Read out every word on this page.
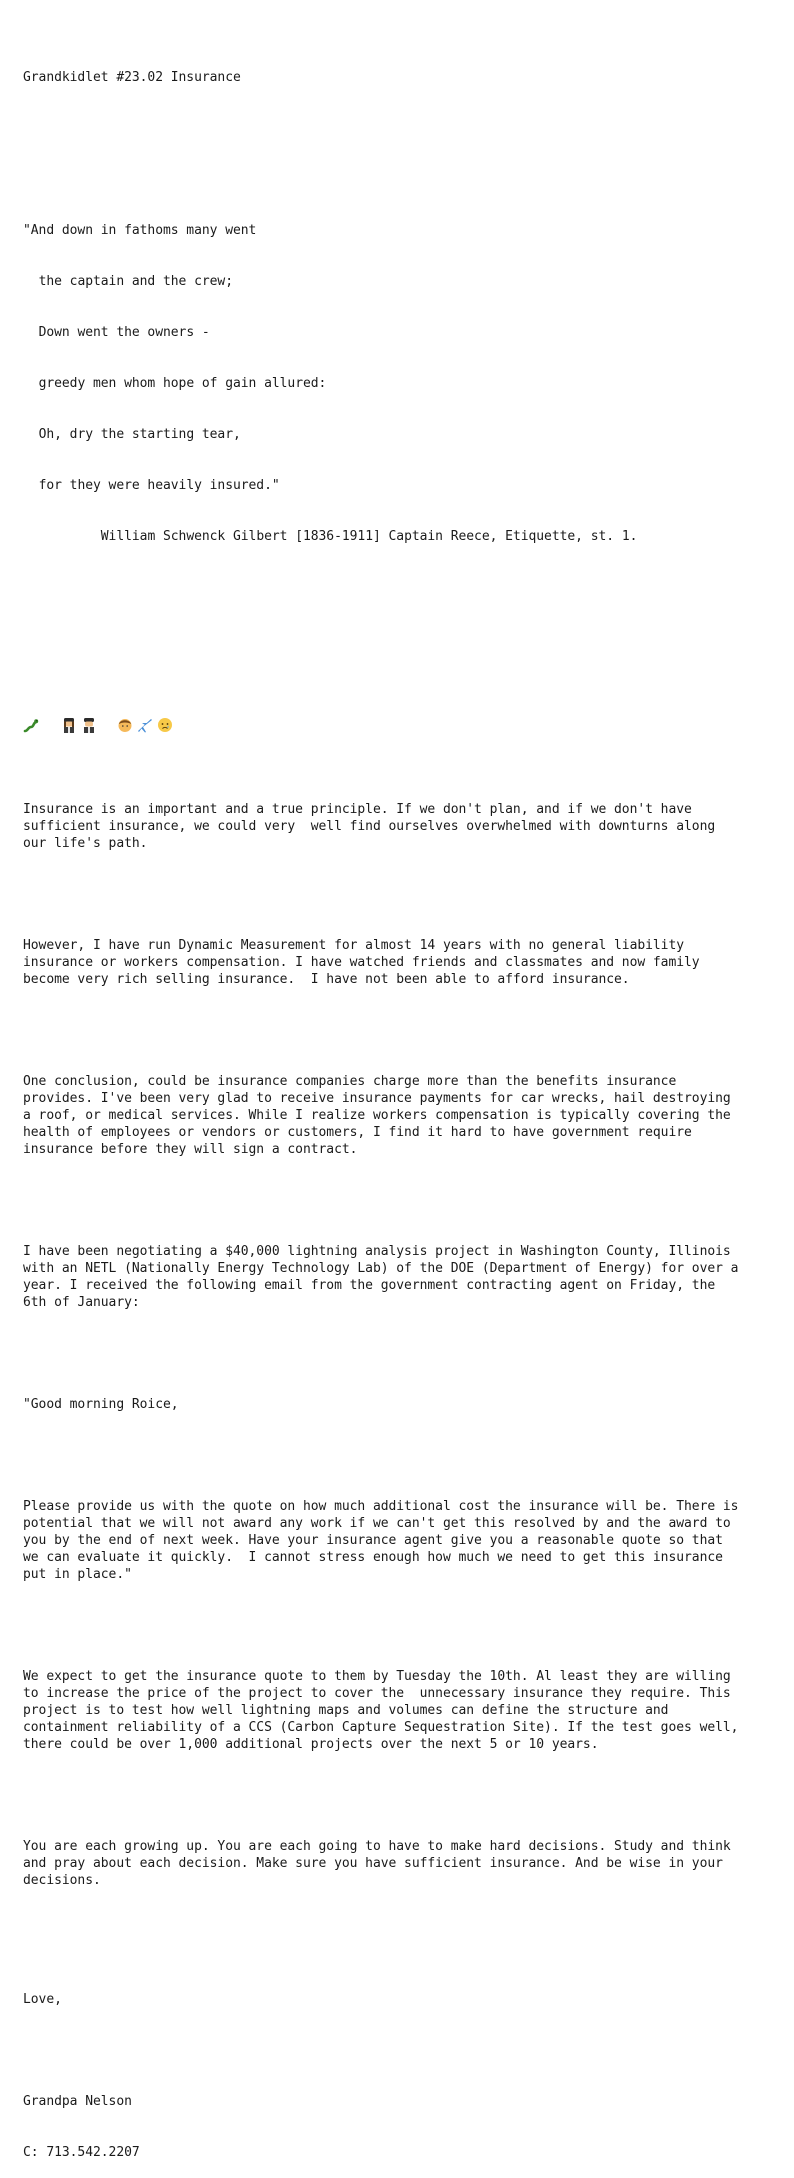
Grandkidlet #23.02 Insurance

"And down in fathoms many went

the captain and the crew;

Down went the owners -

greedy men whom hope of gain allured:

Oh, dry the starting tear,

for they were heavily insured."

William Schwenck Gilbert [1836-1911] Captain Reece, Etiquette, st. 1.

Insurance is an important and a true principle. If we don't plan, and if we don't have
sufficient insurance, we could very  well find ourselves overwhelmed with downturns along
our life's path.

However, I have run Dynamic Measurement for almost 14 years with no general liability
insurance or workers compensation. I have watched friends and classmates and now family
become very rich selling insurance.  I have not been able to afford insurance.

One conclusion, could be insurance companies charge more than the benefits insurance
provides. I've been very glad to receive insurance payments for car wrecks, hail destroying
a roof, or medical services. While I realize workers compensation is typically covering the
health of employees or vendors or customers, I find it hard to have government require
insurance before they will sign a contract.

I have been negotiating a $40,000 lightning analysis project in Washington County, Illinois
with an NETL (Nationally Energy Technology Lab) of the DOE (Department of Energy) for over a
year. I received the following email from the government contracting agent on Friday, the
6th of January:

"Good morning Roice,

Please provide us with the quote on how much additional cost the insurance will be. There is
potential that we will not award any work if we can't get this resolved by and the award to
you by the end of next week. Have your insurance agent give you a reasonable quote so that
we can evaluate it quickly.  I cannot stress enough how much we need to get this insurance
put in place."

We expect to get the insurance quote to them by Tuesday the 10th. Al least they are willing
to increase the price of the project to cover the  unnecessary insurance they require. This
project is to test how well lightning maps and volumes can define the structure and
containment reliability of a CCS (Carbon Capture Sequestration Site). If the test goes well,
there could be over 1,000 additional projects over the next 5 or 10 years.

You are each growing up. You are each going to have to make hard decisions. Study and think
and pray about each decision. Make sure you have sufficient insurance. And be wise in your
decisions.

Love,

Grandpa Nelson

C: 713.542.2207
